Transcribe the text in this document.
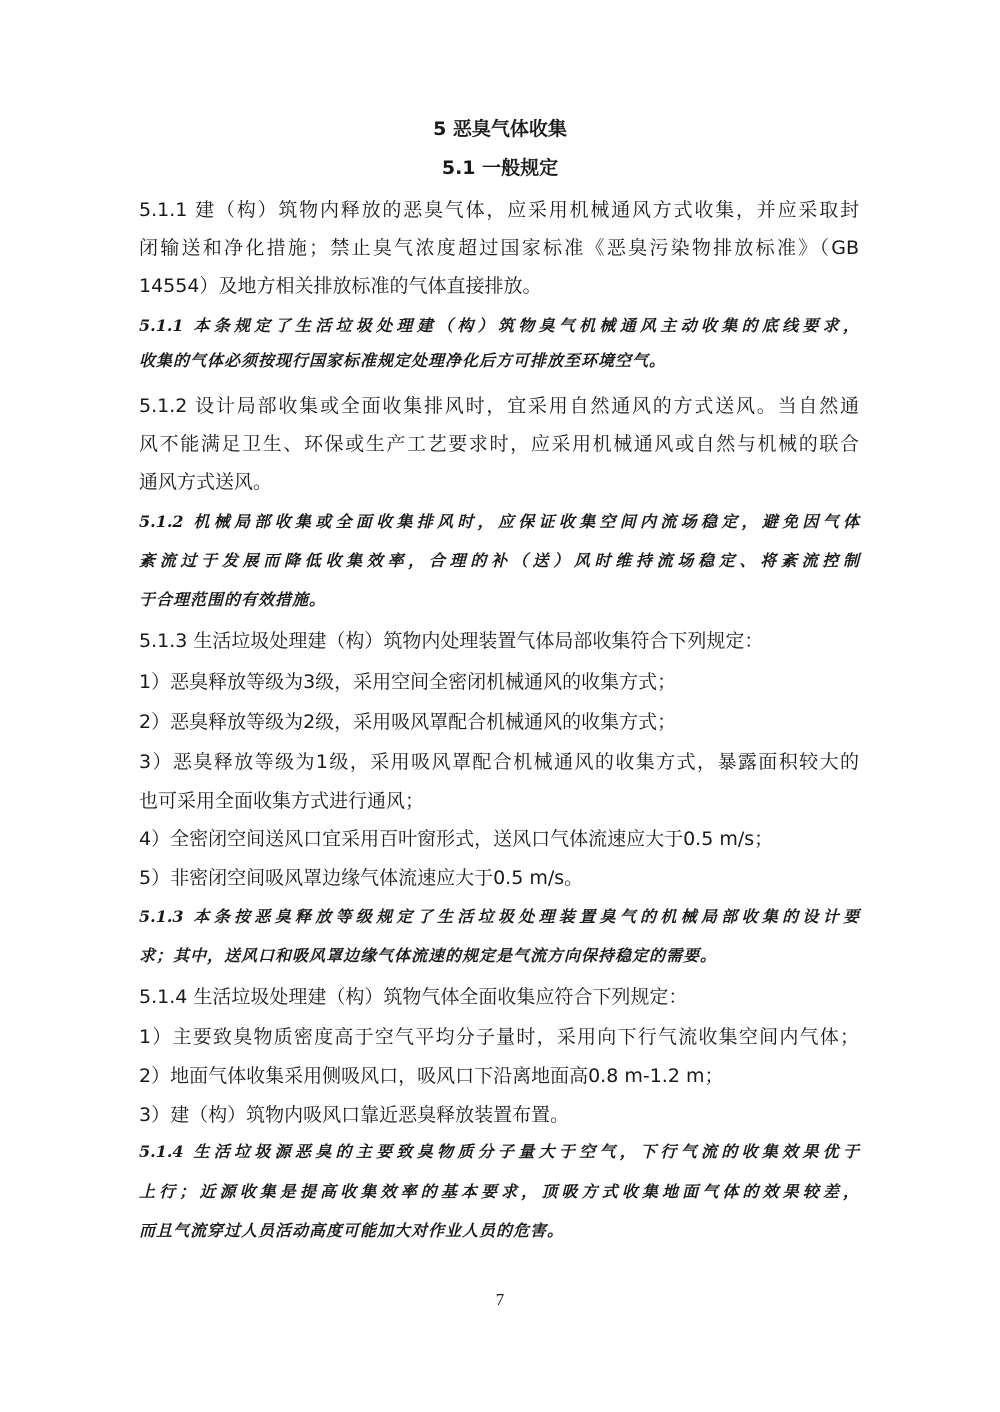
5 恶臭气体收集
5.1 一般规定
5.1.1 建（构）筑物内释放的恶臭气体，应采用机械通风方式收集，并应采取封
闭输送和净化措施；禁止臭气浓度超过国家标准《恶臭污染物排放标准》（GB
14554）及地方相关排放标准的气体直接排放。
5.1.1 本条规定了生活垃圾处理建（构）筑物臭气机械通风主动收集的底线要求，
收集的气体必须按现行国家标准规定处理净化后方可排放至环境空气。
5.1.2 设计局部收集或全面收集排风时，宜采用自然通风的方式送风。当自然通
风不能满足卫生、环保或生产工艺要求时，应采用机械通风或自然与机械的联合
通风方式送风。
5.1.2 机械局部收集或全面收集排风时，应保证收集空间内流场稳定，避免因气体
紊流过于发展而降低收集效率，合理的补（送）风时维持流场稳定、将紊流控制
于合理范围的有效措施。
5.1.3 生活垃圾处理建（构）筑物内处理装置气体局部收集符合下列规定：
1）恶臭释放等级为3级，采用空间全密闭机械通风的收集方式；
2）恶臭释放等级为2级，采用吸风罩配合机械通风的收集方式；
3）恶臭释放等级为1级，采用吸风罩配合机械通风的收集方式，暴露面积较大的
也可采用全面收集方式进行通风；
4）全密闭空间送风口宜采用百叶窗形式，送风口气体流速应大于0.5 m/s；
5）非密闭空间吸风罩边缘气体流速应大于0.5 m/s。
5.1.3 本条按恶臭释放等级规定了生活垃圾处理装置臭气的机械局部收集的设计要
求；其中，送风口和吸风罩边缘气体流速的规定是气流方向保持稳定的需要。
5.1.4 生活垃圾处理建（构）筑物气体全面收集应符合下列规定：
1）主要致臭物质密度高于空气平均分子量时，采用向下行气流收集空间内气体；
2）地面气体收集采用侧吸风口，吸风口下沿离地面高0.8 m-1.2 m；
3）建（构）筑物内吸风口靠近恶臭释放装置布置。
5.1.4 生活垃圾源恶臭的主要致臭物质分子量大于空气，下行气流的收集效果优于
上行；近源收集是提高收集效率的基本要求，顶吸方式收集地面气体的效果较差，
而且气流穿过人员活动高度可能加大对作业人员的危害。
7
